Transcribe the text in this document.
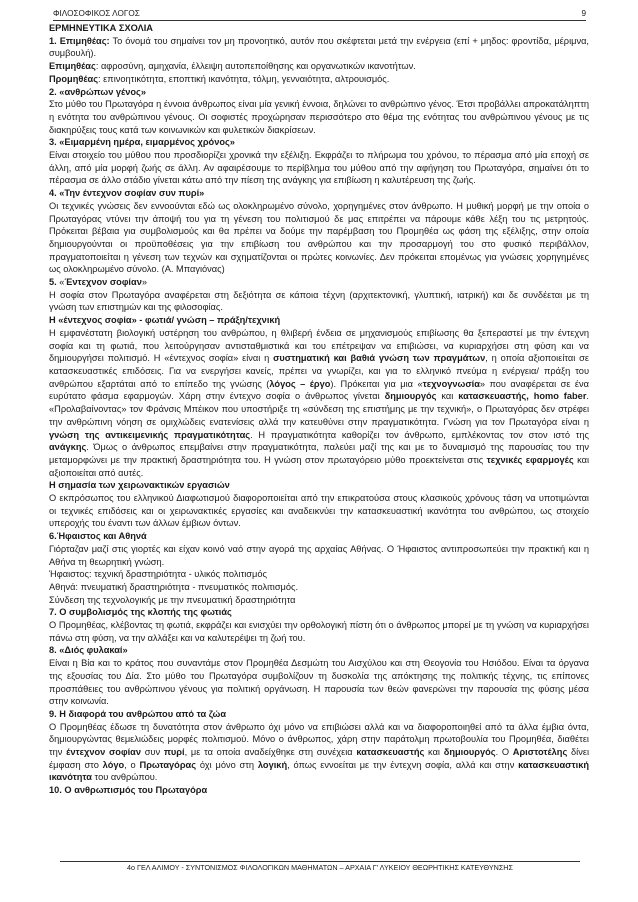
ΦΙΛΟΣΟΦΙΚΟΣ ΛΟΓΟΣ	9

ΕΡΜΗΝΕΥΤΙΚΑ ΣΧΟΛΙΑ

1. Επιμηθέας: Το όνομά του σημαίνει τον μη προνοητικό, αυτόν που σκέφτεται μετά την ενέργεια (επί + μηδος: φροντίδα, μέριμνα, συμβουλή).

Επιμηθέας: αφροσύνη, αμηχανία, έλλειψη αυτοπεποίθησης και οργανωτικών ικανοτήτων.

Προμηθέας: επινοητικότητα, εποπτική ικανότητα, τόλμη, γενναιότητα, αλτρουισμός.

2. «ανθρώπων γένος»

Στο μύθο του Πρωταγόρα η έννοια άνθρωπος είναι μία γενική έννοια, δηλώνει το ανθρώπινο γένος. Έτσι προβάλλει απροκατάληπτη η ενότητα του ανθρώπινου γένους. Οι σοφιστές προχώρησαν περισσότερο στο θέμα της ενότητας του ανθρώπινου γένους με τις διακηρύξεις τους κατά των κοινωνικών και φυλετικών διακρίσεων.

3. «Ειμαρμένη ημέρα, ειμαρμένος χρόνος»

Είναι στοιχείο του μύθου που προσδιορίζει χρονικά την εξέλιξη. Εκφράζει το πλήρωμα του χρόνου, το πέρασμα από μία εποχή σε άλλη, από μία μορφή ζωής σε άλλη. Αν αφαιρέσουμε το περίβλημα του μύθου από την αφήγηση του Πρωταγόρα, σημαίνει ότι το πέρασμα σε άλλο στάδιο γίνεται κάτω από την πίεση της ανάγκης για επιβίωση η καλυτέρευση της ζωής.

4. «Την έντεχνον σοφίαν συν πυρί»

Οι τεχνικές γνώσεις δεν εννοούνται εδώ ως ολοκληρωμένο σύνολο, χορηγημένες στον άνθρωπο. Η μυθική μορφή με την οποία ο Πρωταγόρας ντύνει την άποψή του για τη γένεση του πολιτισμού δε μας επιτρέπει να πάρουμε κάθε λέξη του τις μετρητούς. Πρόκειται βέβαια για συμβολισμούς και θα πρέπει να δούμε την παρέμβαση του Προμηθέα ως φάση της εξέλιξης, στην οποία δημιουργούνται οι προϋποθέσεις για την επιβίωση του ανθρώπου και την προσαρμογή του στο φυσικό περιβάλλον, πραγματοποιείται η γένεση των τεχνών και σχηματίζονται οι πρώτες κοινωνίες. Δεν πρόκειται επομένως για γνώσεις χορηγημένες ως ολοκληρωμένο σύνολο. (Α. Μπαγιόνας)

5. «Έντεχνον σοφίαν»

Η σοφία στον Πρωταγόρα αναφέρεται στη δεξιότητα σε κάποια τέχνη (αρχιτεκτονική, γλυπτική, ιατρική) και δε συνδέεται με τη γνώση των επιστημών και της φιλοσοφίας.

Η «έντεχνος σοφία» - φωτιά/ γνώση – πράξη/τεχνική

Η εμφανέστατη βιολογική υστέρηση του ανθρώπου, η θλιβερή ένδεια σε μηχανισμούς επιβίωσης θα ξεπεραστεί με την έντεχνη σοφία και τη φωτιά, που λειτούργησαν αντισταθμιστικά και του επέτρεψαν να επιβιώσει, να κυριαρχήσει στη φύση και να δημιουργήσει πολιτισμό. Η «έντεχνος σοφία» είναι η συστηματική και βαθιά γνώση των πραγμάτων, η οποία αξιοποιείται σε κατασκευαστικές επιδόσεις. Για να ενεργήσει κανείς, πρέπει να γνωρίζει, και για το ελληνικό πνεύμα η ενέργεια/ πράξη του ανθρώπου εξαρτάται από το επίπεδο της γνώσης (λόγος – έργο). Πρόκειται για μια «τεχνογνωσία» που αναφέρεται σε ένα ευρύτατο φάσμα εφαρμογών. Χάρη στην έντεχνο σοφία ο άνθρωπος γίνεται δημιουργός και κατασκευαστής, homo faber. «Προλαβαίνοντας» τον Φράνσις Μπέικον που υποστήριξε τη «σύνδεση της επιστήμης με την τεχνική», ο Πρωταγόρας δεν στρέφει την ανθρώπινη νόηση σε ομιχλώδεις ενατενίσεις αλλά την κατευθύνει στην πραγματικότητα. Γνώση για τον Πρωταγόρα είναι η γνώση της αντικειμενικής πραγματικότητας. Η πραγματικότητα καθορίζει τον άνθρωπο, εμπλέκοντας τον στον ιστό της ανάγκης. Όμως ο άνθρωπος επεμβαίνει στην πραγματικότητα, παλεύει μαζί της και με το δυναμισμό της παρουσίας του την μεταμορφώνει με την πρακτική δραστηριότητα του. Η γνώση στον πρωταγόρειο μύθο προεκτείνεται στις τεχνικές εφαρμογές και αξιοποιείται από αυτές.

Η σημασία των χειρωνακτικών εργασιών

Ο εκπρόσωπος του ελληνικού Διαφωτισμού διαφοροποιείται από την επικρατούσα στους κλασικούς χρόνους τάση να υποτιμώνται οι τεχνικές επιδόσεις και οι χειρωνακτικές εργασίες και αναδεικνύει την κατασκευαστική ικανότητα του ανθρώπου, ως στοιχείο υπεροχής του έναντι των άλλων έμβιων όντων.

6.Ήφαιστος και Αθηνά

Γιόρταζαν μαζί στις γιορτές και είχαν κοινό ναό στην αγορά της αρχαίας Αθήνας. Ο Ήφαιστος αντιπροσωπεύει την πρακτική και η Αθήνα τη θεωρητική γνώση.

Ήφαιστος: τεχνική δραστηριότητα - υλικός πολιτισμός

Αθηνά: πνευματική δραστηριότητα - πνευματικός πολιτισμός.

Σύνδεση της τεχνολογικής με την πνευματική δραστηριότητα

7. Ο συμβολισμός της κλοπής της φωτιάς

Ο Προμηθέας, κλέβοντας τη φωτιά, εκφράζει και ενισχύει την ορθολογική πίστη ότι ο άνθρωπος μπορεί με τη γνώση να κυριαρχήσει πάνω στη φύση, να την αλλάξει και να καλυτερέψει τη ζωή του.

8. «Διός φυλακαί»

Είναι η Βία και το κράτος που συναντάμε στον Προμηθέα Δεσμώτη του Αισχύλου και στη Θεογονία του Ησιόδου. Είναι τα όργανα της εξουσίας του Δία. Στο μύθο του Πρωταγόρα συμβολίζουν τη δυσκολία της απόκτησης της πολιτικής τέχνης, τις επίπονες προσπάθειες του ανθρώπινου γένους για πολιτική οργάνωση. Η παρουσία των θεών φανερώνει την παρουσία της φύσης μέσα στην κοινωνία.

9. Η διαφορά του ανθρώπου από τα ζώα

Ο Προμηθέας έδωσε τη δυνατότητα στον άνθρωπο όχι μόνο να επιβιώσει αλλά και να διαφοροποιηθεί από τα άλλα έμβια όντα, δημιουργώντας θεμελιώδεις μορφές πολιτισμού. Μόνο ο άνθρωπος, χάρη στην παράτολμη πρωτοβουλία του Προμηθέα, διαθέτει την έντεχνον σοφίαν συν πυρί, με τα οποία αναδείχθηκε στη συνέχεια κατασκευαστής και δημιουργός. Ο Αριστοτέλης δίνει έμφαση στο λόγο, ο Πρωταγόρας όχι μόνο στη λογική, όπως εννοείται με την έντεχνη σοφία, αλλά και στην κατασκευαστική ικανότητα του ανθρώπου.

10. Ο ανθρωπισμός του Πρωταγόρα

4ο ΓΕΛ ΑΛΙΜΟΥ - ΣΥΝΤΟΝΙΣΜΟΣ ΦΙΛΟΛΟΓΙΚΩΝ ΜΑΘΗΜΑΤΩΝ – ΑΡΧΑΙΑ Γ' ΛΥΚΕΙΟΥ ΘΕΩΡΗΤΙΚΗΣ ΚΑΤΕΥΘΥΝΣΗΣ
